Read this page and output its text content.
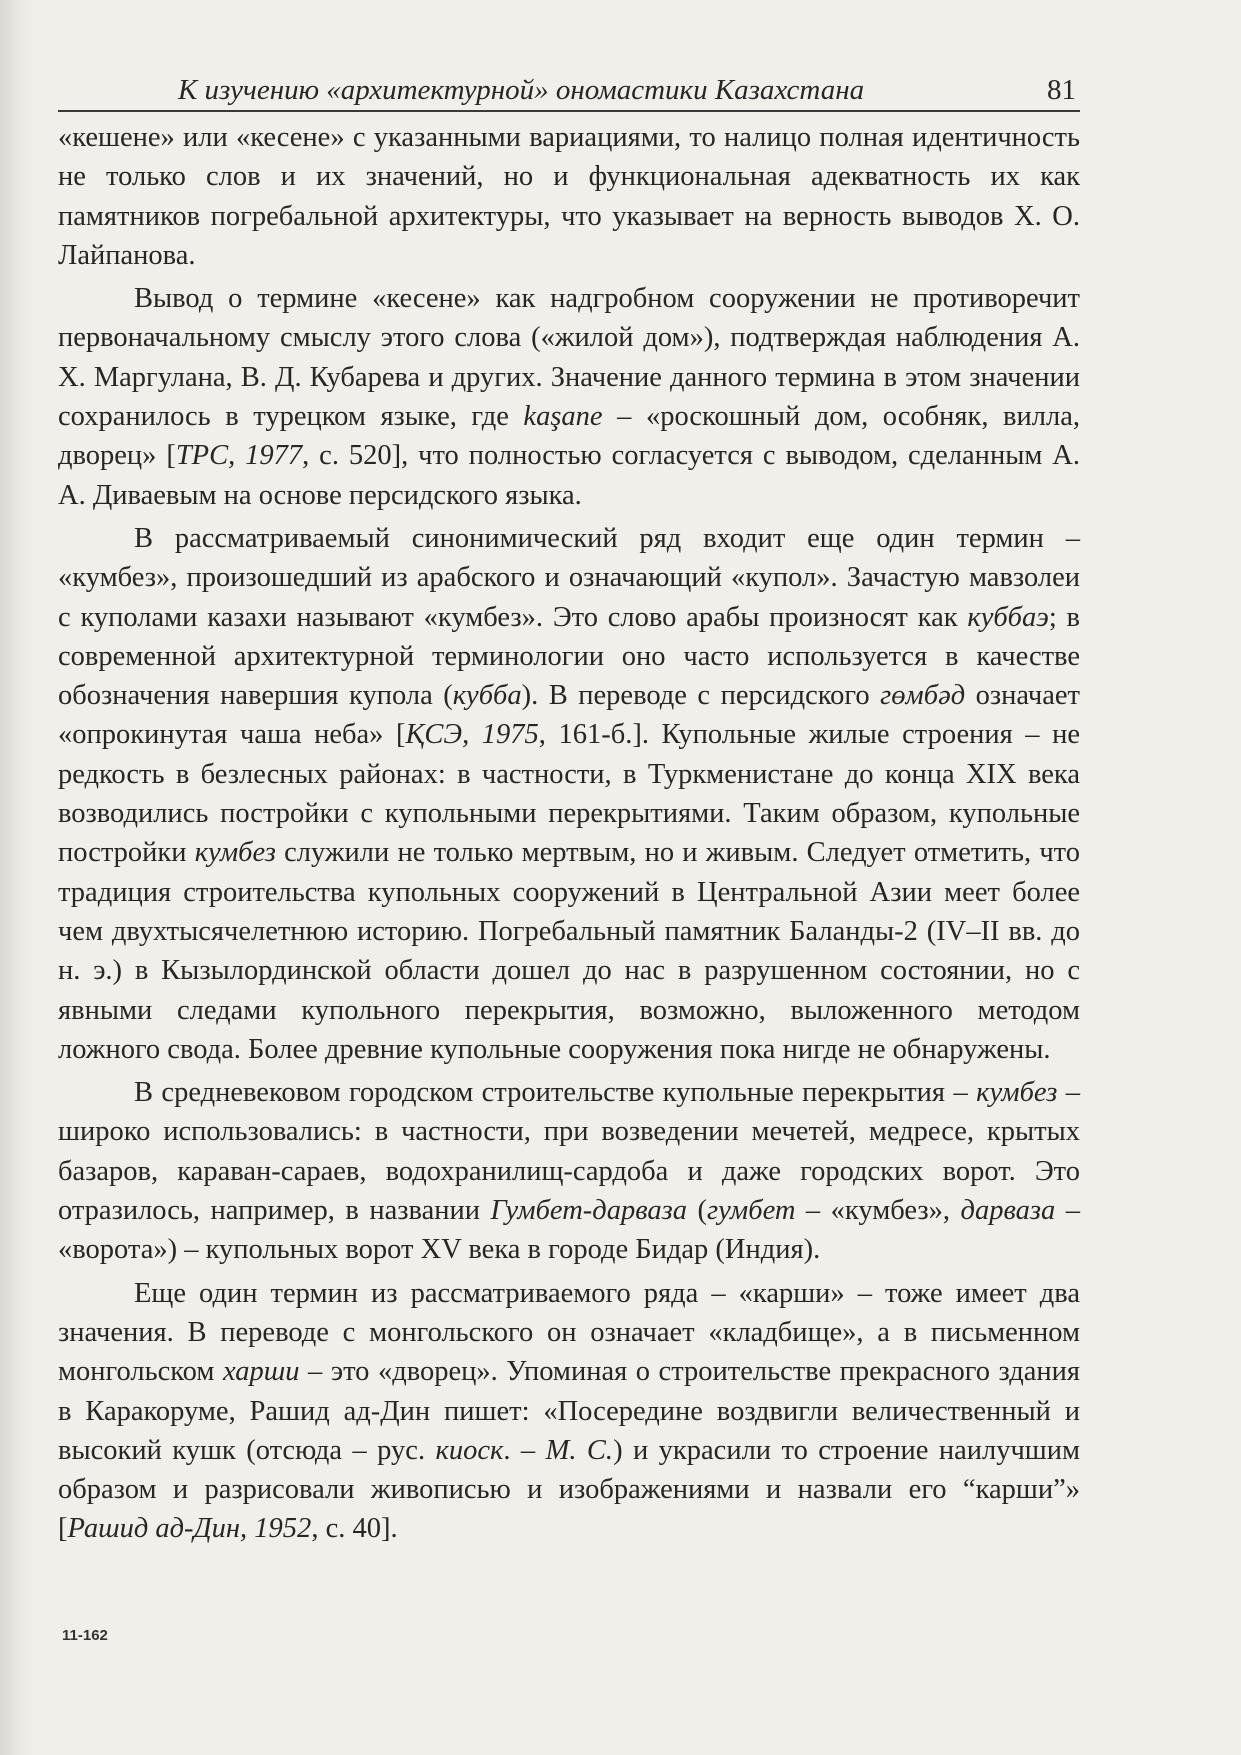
К изучению «архитектурной» ономастики Казахстана	81

«кешене» или «кесене» с указанными вариациями, то налицо полная идентичность не только слов и их значений, но и функциональная адекватность их как памятников погребальной архитектуры, что указывает на верность выводов Х. О. Лайпанова.

Вывод о термине «кесене» как надгробном сооружении не противоречит первоначальному смыслу этого слова («жилой дом»), подтверждая наблюдения А. Х. Маргулана, В. Д. Кубарева и других. Значение данного термина в этом значении сохранилось в турецком языке, где kaşane – «роскошный дом, особняк, вилла, дворец» [ТРС, 1977, с. 520], что полностью согласуется с выводом, сделанным А. А. Диваевым на основе персидского языка.

В рассматриваемый синонимический ряд входит еще один термин – «кумбез», произошедший из арабского и означающий «купол». Зачастую мавзолеи с куполами казахи называют «кумбез». Это слово арабы произносят как куббаэ; в современной архитектурной терминологии оно часто используется в качестве обозначения навершия купола (кубба). В переводе с персидского гөмбәд означает «опрокинутая чаша неба» [ҚСЭ, 1975, 161-б.]. Купольные жилые строения – не редкость в безлесных районах: в частности, в Туркменистане до конца XIX века возводились постройки с купольными перекрытиями. Таким образом, купольные постройки кумбез служили не только мертвым, но и живым. Следует отметить, что традиция строительства купольных сооружений в Центральной Азии меет более чем двухтысячелетнюю историю. Погребальный памятник Баланды-2 (IV–II вв. до н. э.) в Кызылординской области дошел до нас в разрушенном состоянии, но с явными следами купольного перекрытия, возможно, выложенного методом ложного свода. Более древние купольные сооружения пока нигде не обнаружены.

В средневековом городском строительстве купольные перекрытия – кумбез – широко использовались: в частности, при возведении мечетей, медресе, крытых базаров, караван-сараев, водохранилищ-сардоба и даже городских ворот. Это отразилось, например, в названии Гумбет-дарваза (гумбет – «кумбез», дарваза – «ворота») – купольных ворот XV века в городе Бидар (Индия).

Еще один термин из рассматриваемого ряда – «карши» – тоже имеет два значения. В переводе с монгольского он означает «кладбище», а в письменном монгольском харши – это «дворец». Упоминая о строительстве прекрасного здания в Каракоруме, Рашид ад-Дин пишет: «Посередине воздвигли величественный и высокий кушк (отсюда – рус. киоск. – М. С.) и украсили то строение наилучшим образом и разрисовали живописью и изображениями и назвали его “карши”» [Рашид ад-Дин, 1952, с. 40].

11-162
